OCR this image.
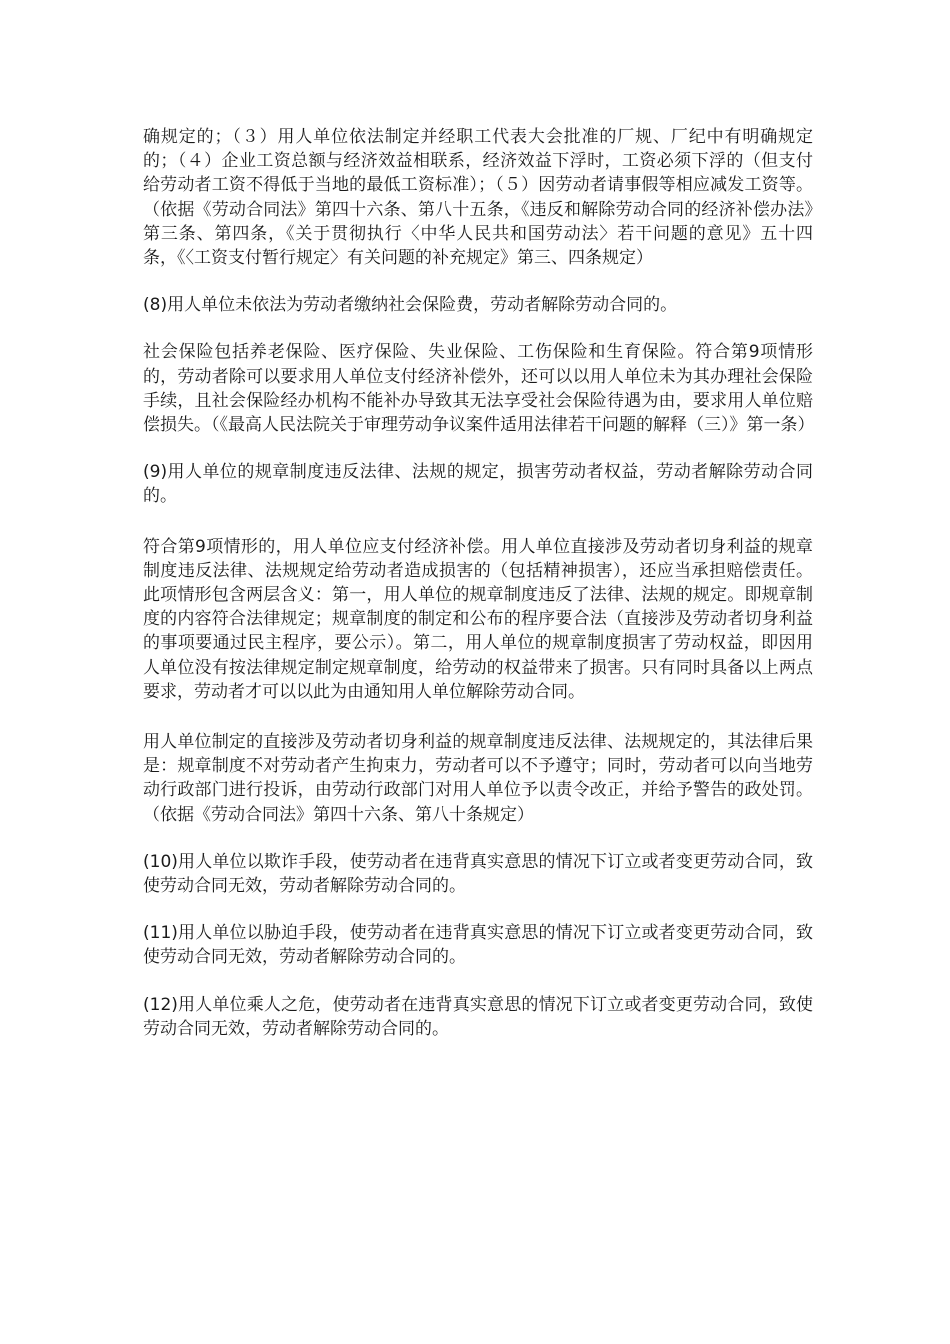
确规定的；（３）用人单位依法制定并经职工代表大会批准的厂规、厂纪中有明确规定的；（４）企业工资总额与经济效益相联系，经济效益下浮时，工资必须下浮的（但支付给劳动者工资不得低于当地的最低工资标准）；（５）因劳动者请事假等相应减发工资等。（依据《劳动合同法》第四十六条、第八十五条，《违反和解除劳动合同的经济补偿办法》第三条、第四条，《关于贯彻执行〈中华人民共和国劳动法〉若干问题的意见》五十四条，《〈工资支付暂行规定〉有关问题的补充规定》第三、四条规定）

(8)用人单位未依法为劳动者缴纳社会保险费，劳动者解除劳动合同的。

社会保险包括养老保险、医疗保险、失业保险、工伤保险和生育保险。符合第9项情形的，劳动者除可以要求用人单位支付经济补偿外，还可以以用人单位未为其办理社会保险手续，且社会保险经办机构不能补办导致其无法享受社会保险待遇为由，要求用人单位赔偿损失。（《最高人民法院关于审理劳动争议案件适用法律若干问题的解释（三）》第一条）

(9)用人单位的规章制度违反法律、法规的规定，损害劳动者权益，劳动者解除劳动合同的。

符合第9项情形的，用人单位应支付经济补偿。用人单位直接涉及劳动者切身利益的规章制度违反法律、法规规定给劳动者造成损害的（包括精神损害），还应当承担赔偿责任。此项情形包含两层含义：第一，用人单位的规章制度违反了法律、法规的规定。即规章制度的内容符合法律规定；规章制度的制定和公布的程序要合法（直接涉及劳动者切身利益的事项要通过民主程序，要公示）。第二，用人单位的规章制度损害了劳动权益，即因用人单位没有按法律规定制定规章制度，给劳动的权益带来了损害。只有同时具备以上两点要求，劳动者才可以以此为由通知用人单位解除劳动合同。

用人单位制定的直接涉及劳动者切身利益的规章制度违反法律、法规规定的，其法律后果是：规章制度不对劳动者产生拘束力，劳动者可以不予遵守；同时，劳动者可以向当地劳动行政部门进行投诉，由劳动行政部门对用人单位予以责令改正，并给予警告的政处罚。（依据《劳动合同法》第四十六条、第八十条规定）

(10)用人单位以欺诈手段，使劳动者在违背真实意思的情况下订立或者变更劳动合同，致使劳动合同无效，劳动者解除劳动合同的。

(11)用人单位以胁迫手段，使劳动者在违背真实意思的情况下订立或者变更劳动合同，致使劳动合同无效，劳动者解除劳动合同的。

(12)用人单位乘人之危，使劳动者在违背真实意思的情况下订立或者变更劳动合同，致使劳动合同无效，劳动者解除劳动合同的。
